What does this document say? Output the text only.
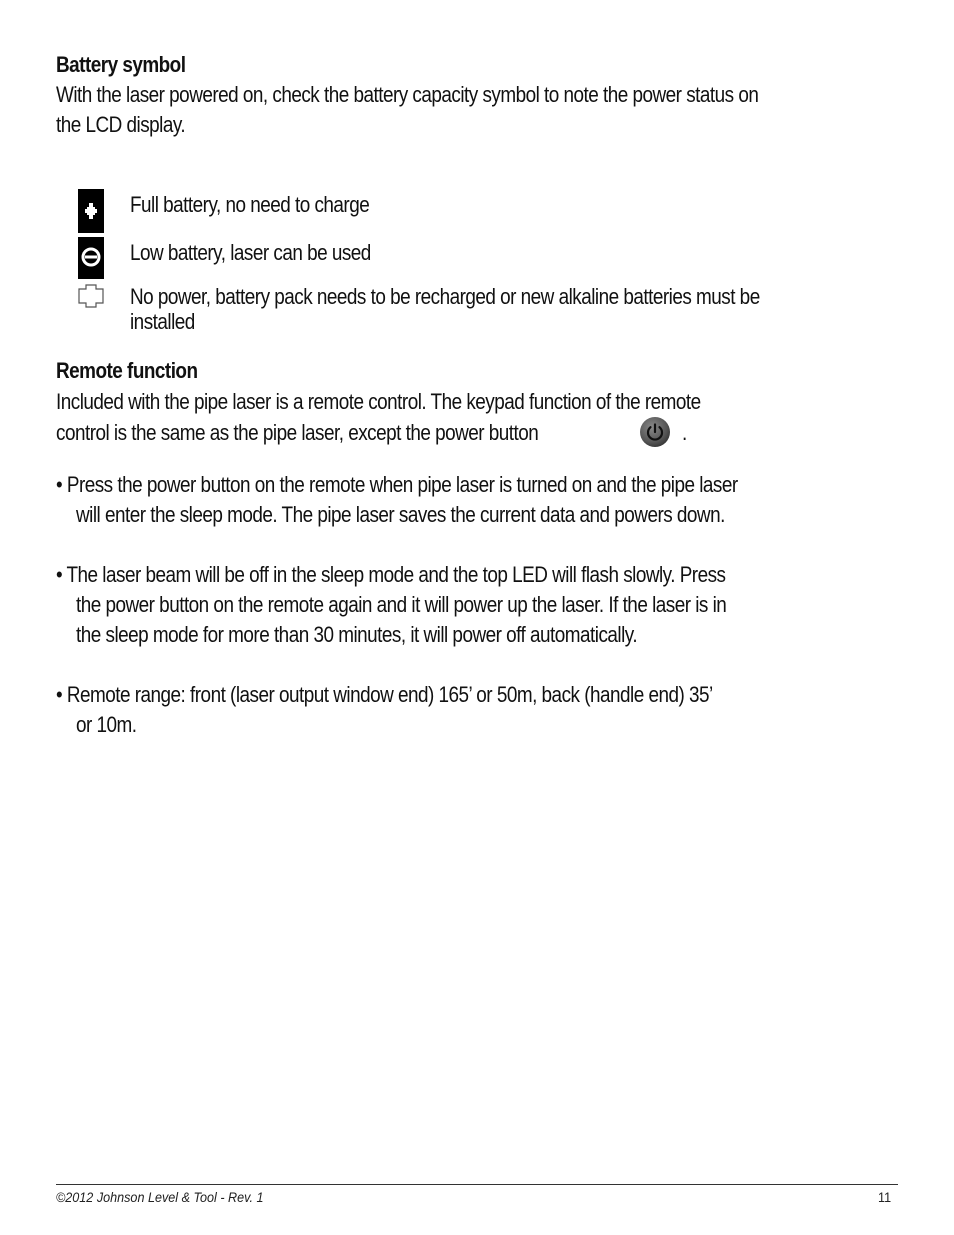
Battery symbol
With the laser powered on, check the battery capacity symbol to note the power status on
the LCD display.
Full battery, no need to charge
Low battery, laser can be used
No power, battery pack needs to be recharged or new alkaline batteries must be
installed
Remote function
Included with the pipe laser is a remote control. The keypad function of the remote
control is the same as the pipe laser, except the power button	.
• Press the power button on the remote when pipe laser is turned on and the pipe laser
will enter the sleep mode. The pipe laser saves the current data and powers down.
• The laser beam will be off in the sleep mode and the top LED will flash slowly. Press
the power button on the remote again and it will power up the laser. If the laser is in
the sleep mode for more than 30 minutes, it will power off automatically.
• Remote range: front (laser output window end) 165’ or 50m, back (handle end) 35’
or 10m.
©2012 Johnson Level & Tool - Rev. 1	11
